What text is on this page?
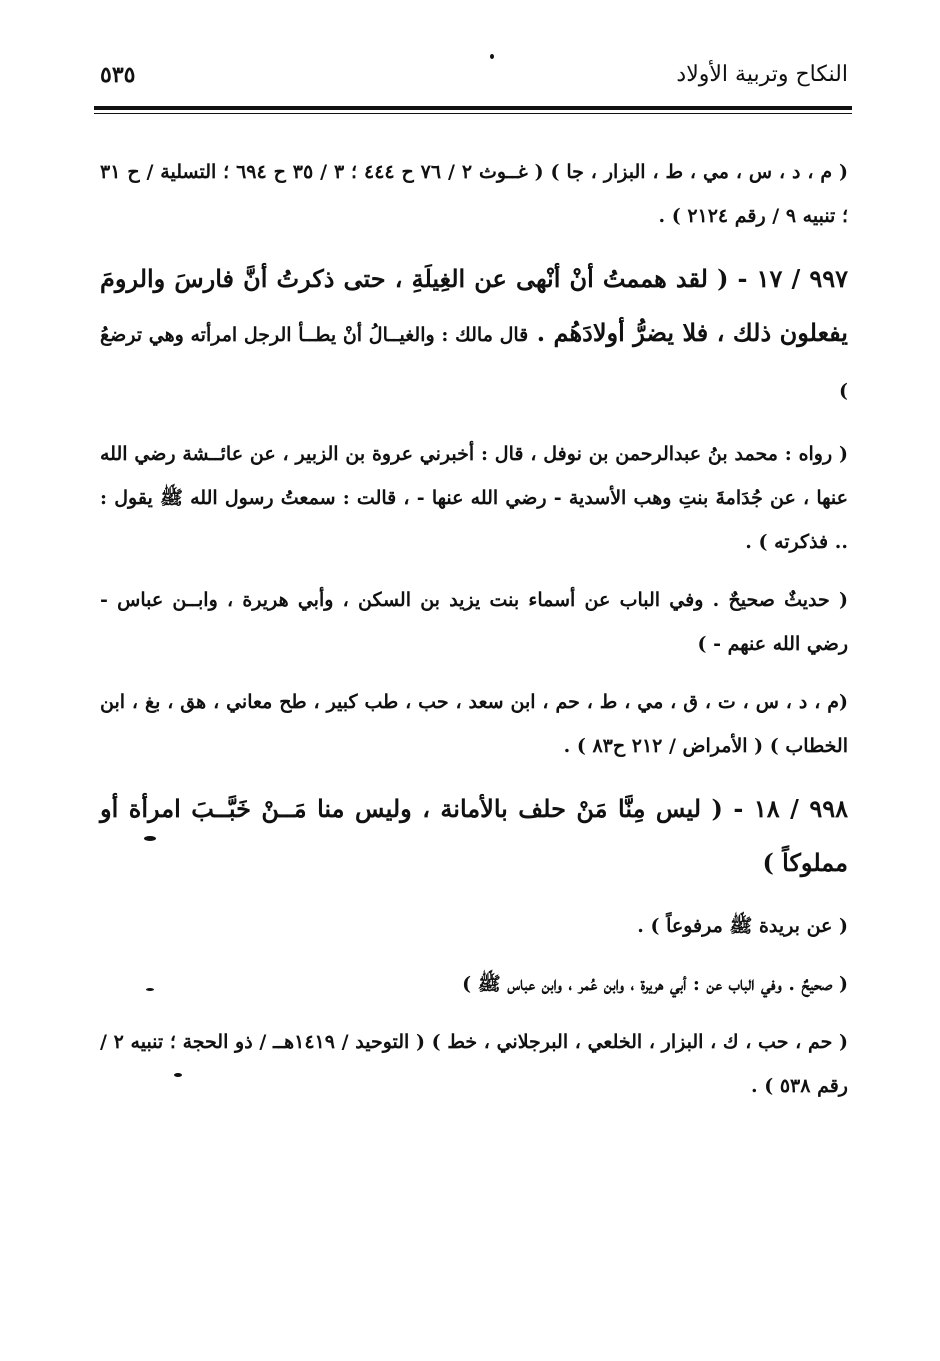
٥٣٥	النكاح وتربية الأولاد

( م ، د ، س ، مي ، ط ، البزار ، جا ) ( غــوث ٢ / ٧٦ ح ٤٤٤ ؛ ٣ / ٣٥ ح ٦٩٤ ؛ التسلية / ح ٣١ ؛ تنبيه ٩ / رقم ٢١٢٤ ) .

٩٩٧ / ١٧ - ( لقد هممتُ أنْ أنْهى عن الغِيلَةِ ، حتى ذكرتُ أنَّ فارسَ والرومَ يفعلون ذلك ، فلا يضرُّ أولادَهُم . قال مالك : والغيــالُ أنْ يطــأ الرجل امرأته وهي ترضعُ )

( رواه : محمد بنُ عبدالرحمن بن نوفل ، قال : أخبرني عروة بن الزبير ، عن عائــشة رضي الله عنها ، عن جُدَامةَ بنتِ وهب الأسدية - رضي الله عنها - ، قالت : سمعتُ رسول الله ﷺ يقول : .. فذكرته ) .

( حديثٌ صحيحٌ . وفي الباب عن أسماء بنت يزيد بن السكن ، وأبي هريرة ، وابــن عباس - رضي الله عنهم - )

(م ، د ، س ، ت ، ق ، مي ، ط ، حم ، ابن سعد ، حب ، طب كبير ، طح معاني ، هق ، بغ ، ابن الخطاب ) ( الأمراض / ٢١٢ ح٨٣ ) .

٩٩٨ / ١٨ - ( ليس مِنَّا مَنْ حلف بالأمانة ، وليس منا مَــنْ خَبَّــبَ امرأة أو مملوكاً )

( عن بريدة ﷺ مرفوعاً ) .

( صحيحٌ . وفي الباب عن : أبي هريرة ، وابن عُمر ، وابن عباس ﷺ )

( حم ، حب ، ك ، البزار ، الخلعي ، البرجلاني ، خط ) ( التوحيد / ١٤١٩هــ / ذو الحجة ؛ تنبيه ٢ / رقم ٥٣٨ ) .
